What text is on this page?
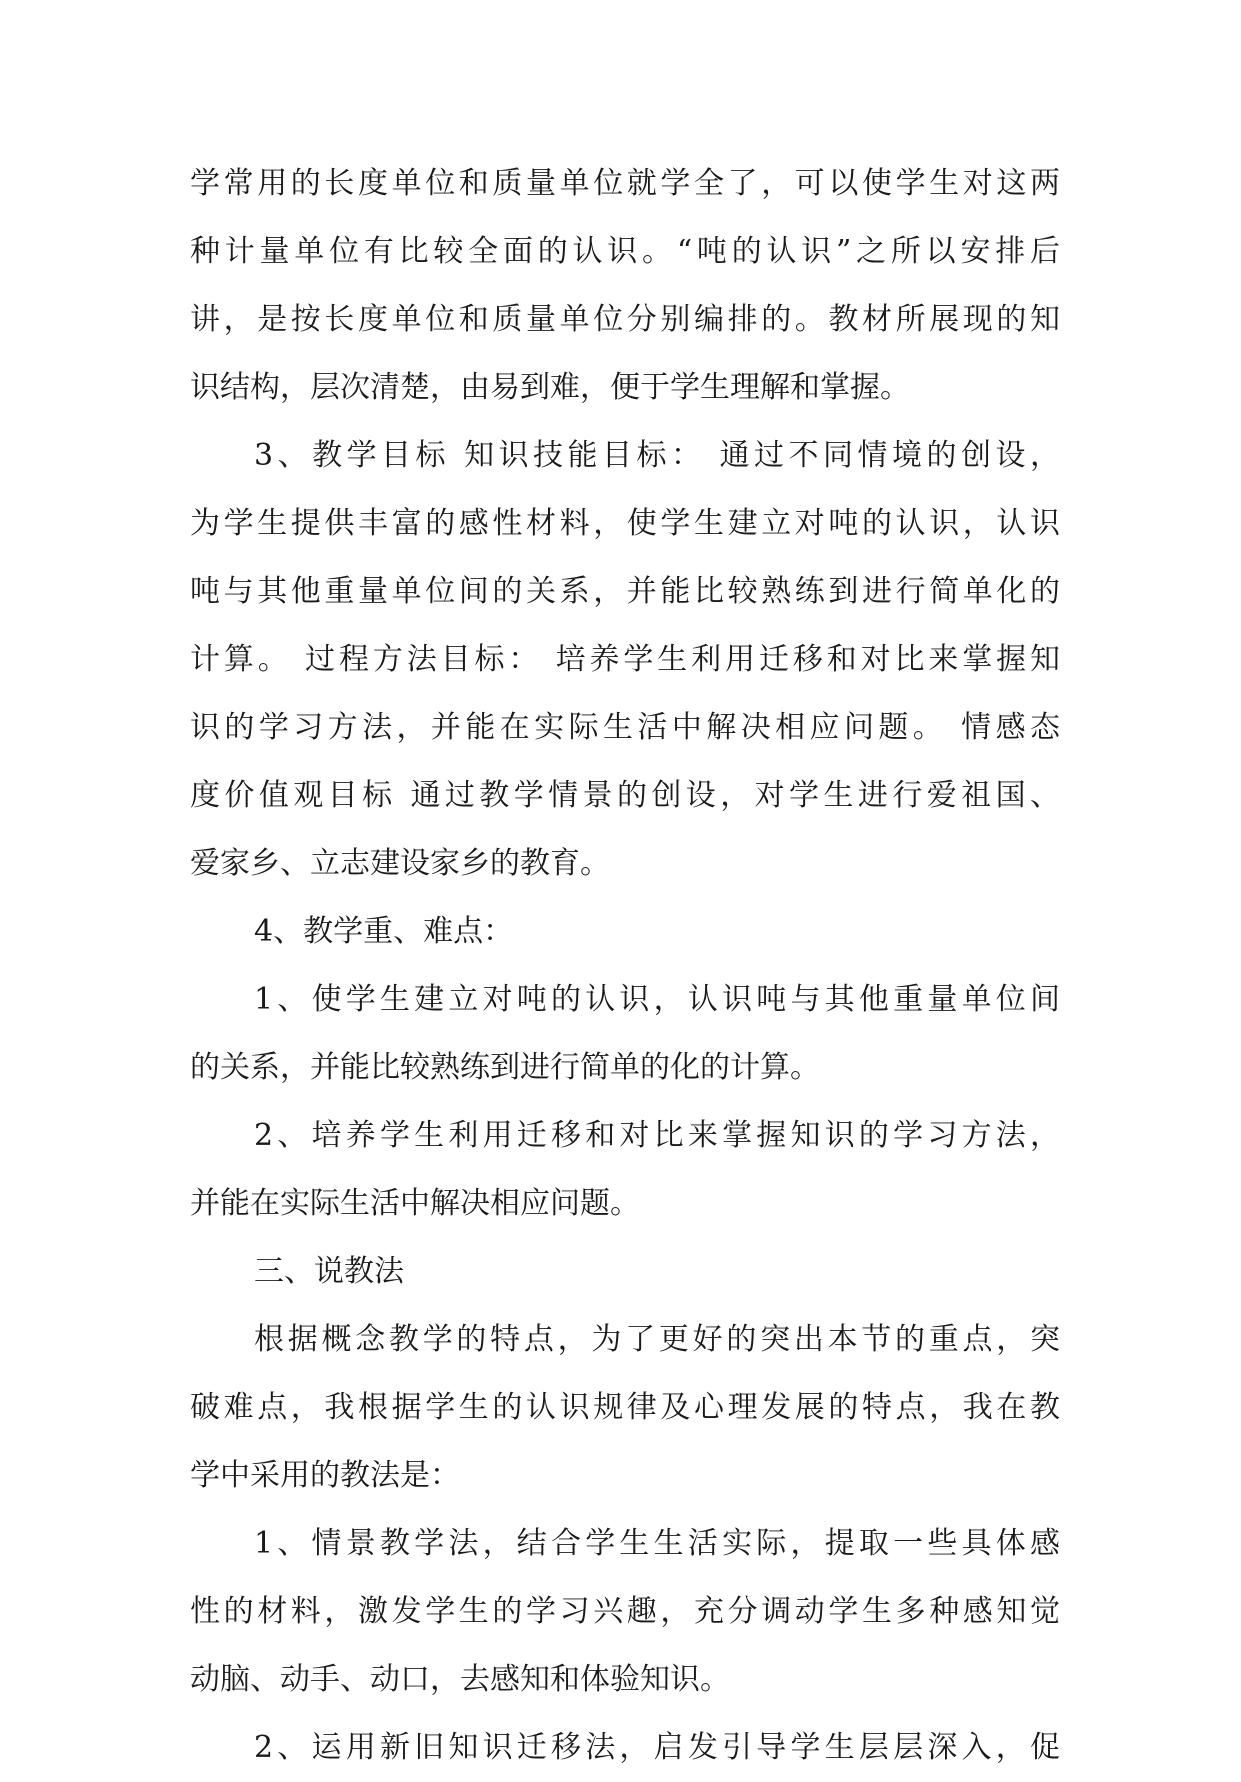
学常用的长度单位和质量单位就学全了，可以使学生对这两
种计量单位有比较全面的认识。“吨的认识”之所以安排后
讲，是按长度单位和质量单位分别编排的。教材所展现的知
识结构，层次清楚，由易到难，便于学生理解和掌握。
3、教学目标 知识技能目标： 通过不同情境的创设，
为学生提供丰富的感性材料，使学生建立对吨的认识，认识
吨与其他重量单位间的关系，并能比较熟练到进行简单化的
计算。 过程方法目标： 培养学生利用迁移和对比来掌握知
识的学习方法，并能在实际生活中解决相应问题。 情感态
度价值观目标 通过教学情景的创设，对学生进行爱祖国、
爱家乡、立志建设家乡的教育。
4、教学重、难点：
1、使学生建立对吨的认识，认识吨与其他重量单位间
的关系，并能比较熟练到进行简单的化的计算。
2、培养学生利用迁移和对比来掌握知识的学习方法，
并能在实际生活中解决相应问题。
三、说教法
根据概念教学的特点，为了更好的突出本节的重点，突
破难点，我根据学生的认识规律及心理发展的特点，我在教
学中采用的教法是：
1、情景教学法，结合学生生活实际，提取一些具体感
性的材料，激发学生的学习兴趣，充分调动学生多种感知觉
动脑、动手、动口，去感知和体验知识。
2、运用新旧知识迁移法，启发引导学生层层深入，促
